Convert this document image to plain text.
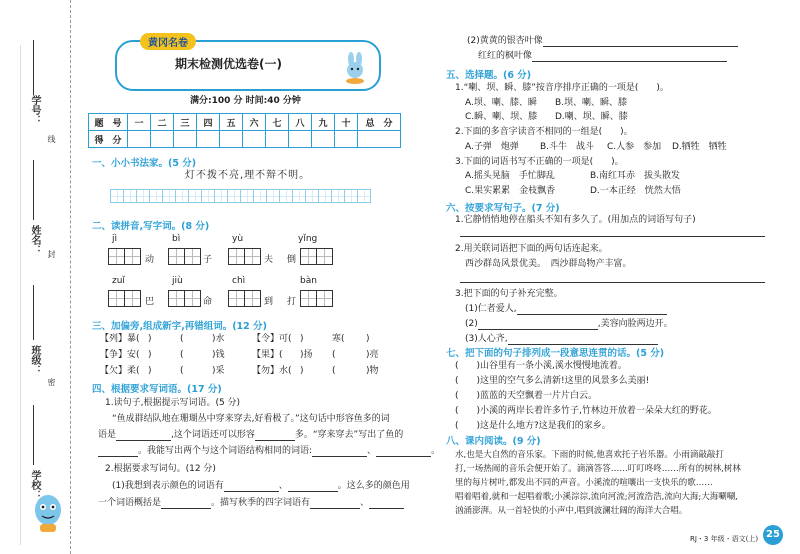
学号：
姓名：
班级：
学校：
线
封
密
黄冈名卷
期末检测优选卷(一)
满分:100 分 时间:40 分钟
题　号	一	二	三	四	五	六	七	八	九	十	总　分
得　分											
一、小小书法家。(5 分)
灯不拨不亮,理不辩不明。
二、读拼音,写字词。(8 分)
jì
动
bì
子
yù
夫
yǐng
倒
zuǐ
巴
jiù
命
chì
到
bàn
打
三、加偏旁,组成新字,再错组词。(12 分)
【列】暴( )	(	)水	【令】可( )	寒( )
【争】安( )	(	)钱	【果】( )扬 (	)亮
【欠】柔( )	(	)采	【勿】水( )	(	)物
四、根据要求写词语。(17 分)
1.读句子,根据提示写词语。(5 分)
“鱼成群结队地在珊瑚丛中穿来穿去,好看极了。”这句话中形容鱼多的词
语是	,这个词语还可以形容	多。“穿来穿去”写出了鱼的
。我能写出两个与这个词语结构相同的词语:	、	。
2.根据要求写词句。(12 分)
(1)我想到表示颜色的词语有	、	。这么多的颜色用
一个词语概括是	。描写秋季的四字词语有	、
(2)黄黄的银杏叶像
红红的枫叶像
五、选择题。(6 分)
1.“喇、坝、瞬、膝”按音序排序正确的一项是(　　)。
A.坝、喇、膝、瞬 B.坝、喇、瞬、膝
C.瞬、喇、坝、膝 D.喇、坝、瞬、膝
2.下面的多音字读音不相同的一组是(　　)。
A.子弹　炮弹 B.斗牛　战斗 C.人参　参加 D.牺牲　牺牲
3.下面的词语书写不正确的一项是(　　)。
A.摇头晃脑　手忙脚乱	B.南红耳赤　拔头散发
C.果实累累　金枝飘香	D.一本正经　恍然大悟
六、按要求写句子。(7 分)
1.它静悄悄地停在船头不知有多久了。(用加点的词语写句子)
2.用关联词语把下面的两句话连起来。
西沙群岛风景优美。　西沙群岛物产丰富。
3.把下面的句子补充完整。
(1)仁者爱人,
(2)	,美容向脸两边开。
(3)人心齐,
七、把下面的句子排列成一段意思连贯的话。(5 分)
(　　)山谷里有一条小溪,溪水慢慢地流着。
(　　)这里的空气多么清新!这里的风景多么美丽!
(　　)蓝蓝的天空飘着一片片白云。
(　　)小溪的两岸长着许多竹子,竹林边开放着一朵朵大红的野花。
(　　)这是什么地方?这是我们的家乡。
八、课内阅读。(9 分)
水,也是大自然的音乐家。下雨的时候,他喜欢托子岩乐器。小雨滴敲敲打
打,一场热闹的音乐会便开始了。滴滴答答……叮叮咚咚……所有的树林,树林
里的每片树叶,都发出不同的声音。小溪流的喧嚷出一支快乐的歌……
唱着唱着,就和一起唱着歌;小溪淙淙,流向河流;河流浩浩,流向大海;大海唰唰,
汹涌澎湃。从一首轻快的小声中,唱到波澜壮阔的海洋大合唱。
RJ・3 年级・语文(上) 25
